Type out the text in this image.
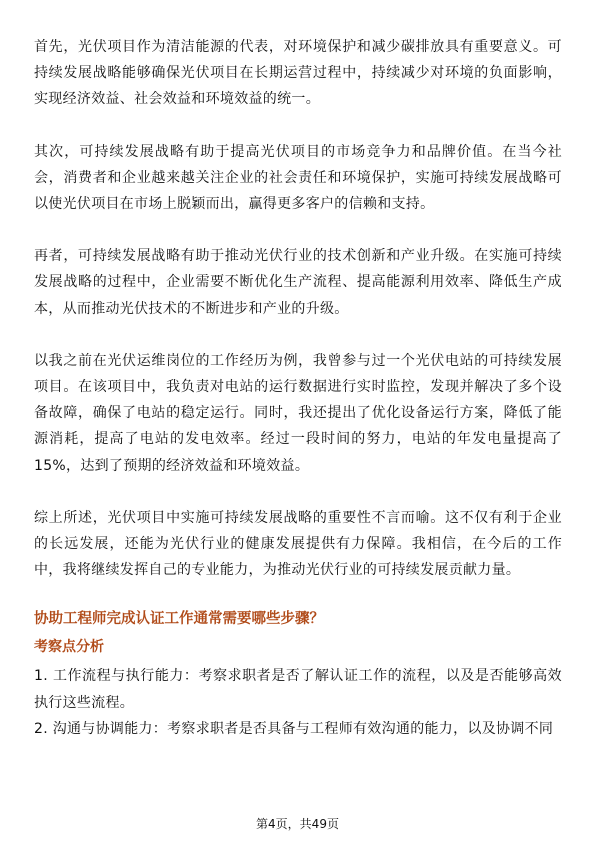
首先，光伏项目作为清洁能源的代表，对环境保护和减少碳排放具有重要意义。可持续发展战略能够确保光伏项目在长期运营过程中，持续减少对环境的负面影响，实现经济效益、社会效益和环境效益的统一。

其次，可持续发展战略有助于提高光伏项目的市场竞争力和品牌价值。在当今社会，消费者和企业越来越关注企业的社会责任和环境保护，实施可持续发展战略可以使光伏项目在市场上脱颖而出，赢得更多客户的信赖和支持。

再者，可持续发展战略有助于推动光伏行业的技术创新和产业升级。在实施可持续发展战略的过程中，企业需要不断优化生产流程、提高能源利用效率、降低生产成本，从而推动光伏技术的不断进步和产业的升级。

以我之前在光伏运维岗位的工作经历为例，我曾参与过一个光伏电站的可持续发展项目。在该项目中，我负责对电站的运行数据进行实时监控，发现并解决了多个设备故障，确保了电站的稳定运行。同时，我还提出了优化设备运行方案，降低了能源消耗，提高了电站的发电效率。经过一段时间的努力，电站的年发电量提高了15%，达到了预期的经济效益和环境效益。

综上所述，光伏项目中实施可持续发展战略的重要性不言而喻。这不仅有利于企业的长远发展，还能为光伏行业的健康发展提供有力保障。我相信，在今后的工作中，我将继续发挥自己的专业能力，为推动光伏行业的可持续发展贡献力量。

协助工程师完成认证工作通常需要哪些步骤？
考察点分析

1. 工作流程与执行能力：考察求职者是否了解认证工作的流程，以及是否能够高效执行这些流程。

2. 沟通与协调能力：考察求职者是否具备与工程师有效沟通的能力，以及协调不同

第4页，共49页
